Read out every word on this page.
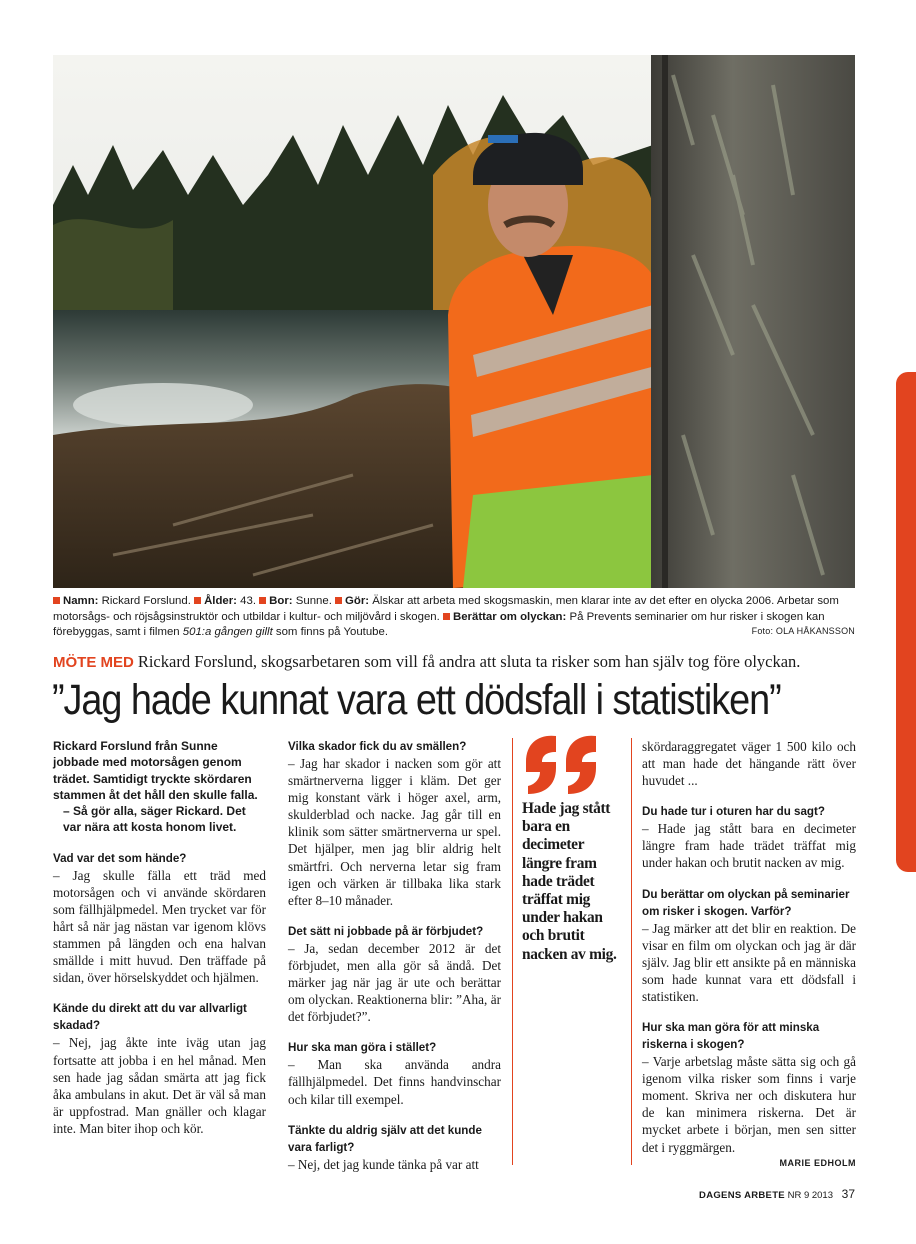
Namn: Rickard Forslund. Ålder: 43. Bor: Sunne. Gör: Älskar att arbeta med skogsmaskin, men klarar inte av det efter en olycka 2006. Arbetar som motorsågs- och röjsågsinstruktör och utbildar i kultur- och miljövård i skogen. Berättar om olyckan: På Prevents seminarier om hur risker i skogen kan förebyggas, samt i filmen 501:a gången gillt som finns på Youtube.	Foto: OLA HÅKANSSON
MÖTE MED Rickard Forslund, skogsarbetaren som vill få andra att sluta ta risker som han själv tog före olyckan.
”Jag hade kunnat vara ett dödsfall i statistiken”

Rickard Forslund från Sunne jobbade med motorsågen genom trädet. Samtidigt tryckte skördaren stammen åt det håll den skulle falla.

– Så gör alla, säger Rickard. Det var nära att kosta honom livet.

Vad var det som hände?

– Jag skulle fälla ett träd med motorsågen och vi använde skördaren som fällhjälpmedel. Men trycket var för hårt så när jag nästan var igenom klövs stammen på längden och ena halvan smällde i mitt huvud. Den träffade på sidan, över hörselskyddet och hjälmen.

Kände du direkt att du var allvarligt skadad?

– Nej, jag åkte inte iväg utan jag fortsatte att jobba i en hel månad. Men sen hade jag sådan smärta att jag fick åka ambulans in akut. Det är väl så man är uppfostrad. Man gnäller och klagar inte. Man biter ihop och kör.

Vilka skador fick du av smällen?

– Jag har skador i nacken som gör att smärtnerverna ligger i kläm. Det ger mig konstant värk i höger axel, arm, skulderblad och nacke. Jag går till en klinik som sätter smärtnerverna ur spel. Det hjälper, men jag blir aldrig helt smärtfri. Och nerverna letar sig fram igen och värken är tillbaka lika stark efter 8–10 månader.

Det sätt ni jobbade på är förbjudet?

– Ja, sedan december 2012 är det förbjudet, men alla gör så ändå. Det märker jag när jag är ute och berättar om olyckan. Reaktionerna blir: ”Aha, är det förbjudet?”.

Hur ska man göra i stället?

– Man ska använda andra fällhjälpmedel. Det finns handvinschar och kilar till exempel.

Tänkte du aldrig själv att det kunde vara farligt?

– Nej, det jag kunde tänka på var att

Hade jag stått bara en decimeter längre fram hade trädet träffat mig under hakan och brutit nacken av mig.

skördaraggregatet väger 1 500 kilo och att man hade det hängande rätt över huvudet ...

Du hade tur i oturen har du sagt?

– Hade jag stått bara en decimeter längre fram hade trädet träffat mig under hakan och brutit nacken av mig.

Du berättar om olyckan på seminarier om risker i skogen. Varför?

– Jag märker att det blir en reaktion. De visar en film om olyckan och jag är där själv. Jag blir ett ansikte på en människa som hade kunnat vara ett dödsfall i statistiken.

Hur ska man göra för att minska riskerna i skogen?

– Varje arbetslag måste sätta sig och gå igenom vilka risker som finns i varje moment. Skriva ner och diskutera hur de kan minimera riskerna. Det är mycket arbete i början, men sen sitter det i ryggmärgen.

MARIE EDHOLM
DAGENS ARBETE NR 9 2013 37
